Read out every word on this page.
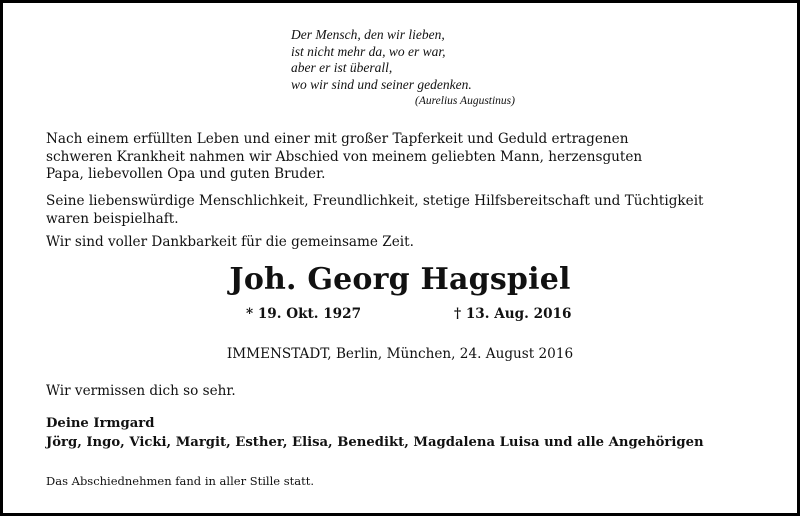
Der Mensch, den wir lieben,
ist nicht mehr da, wo er war,
aber er ist überall,
wo wir sind und seiner gedenken.
(Aurelius Augustinus)
Nach einem erfüllten Leben und einer mit großer Tapferkeit und Geduld ertragenen
schweren Krankheit nahmen wir Abschied von meinem geliebten Mann, herzensguten
Papa, liebevollen Opa und guten Bruder.
Seine liebenswürdige Menschlichkeit, Freundlichkeit, stetige Hilfsbereitschaft und Tüchtigkeit
waren beispielhaft.
Wir sind voller Dankbarkeit für die gemeinsame Zeit.
Joh. Georg Hagspiel
* 19. Okt. 1927	† 13. Aug. 2016
IMMENSTADT, Berlin, München, 24. August 2016
Wir vermissen dich so sehr.
Deine Irmgard
Jörg, Ingo, Vicki, Margit, Esther, Elisa, Benedikt, Magdalena Luisa und alle Angehörigen
Das Abschiednehmen fand in aller Stille statt.
